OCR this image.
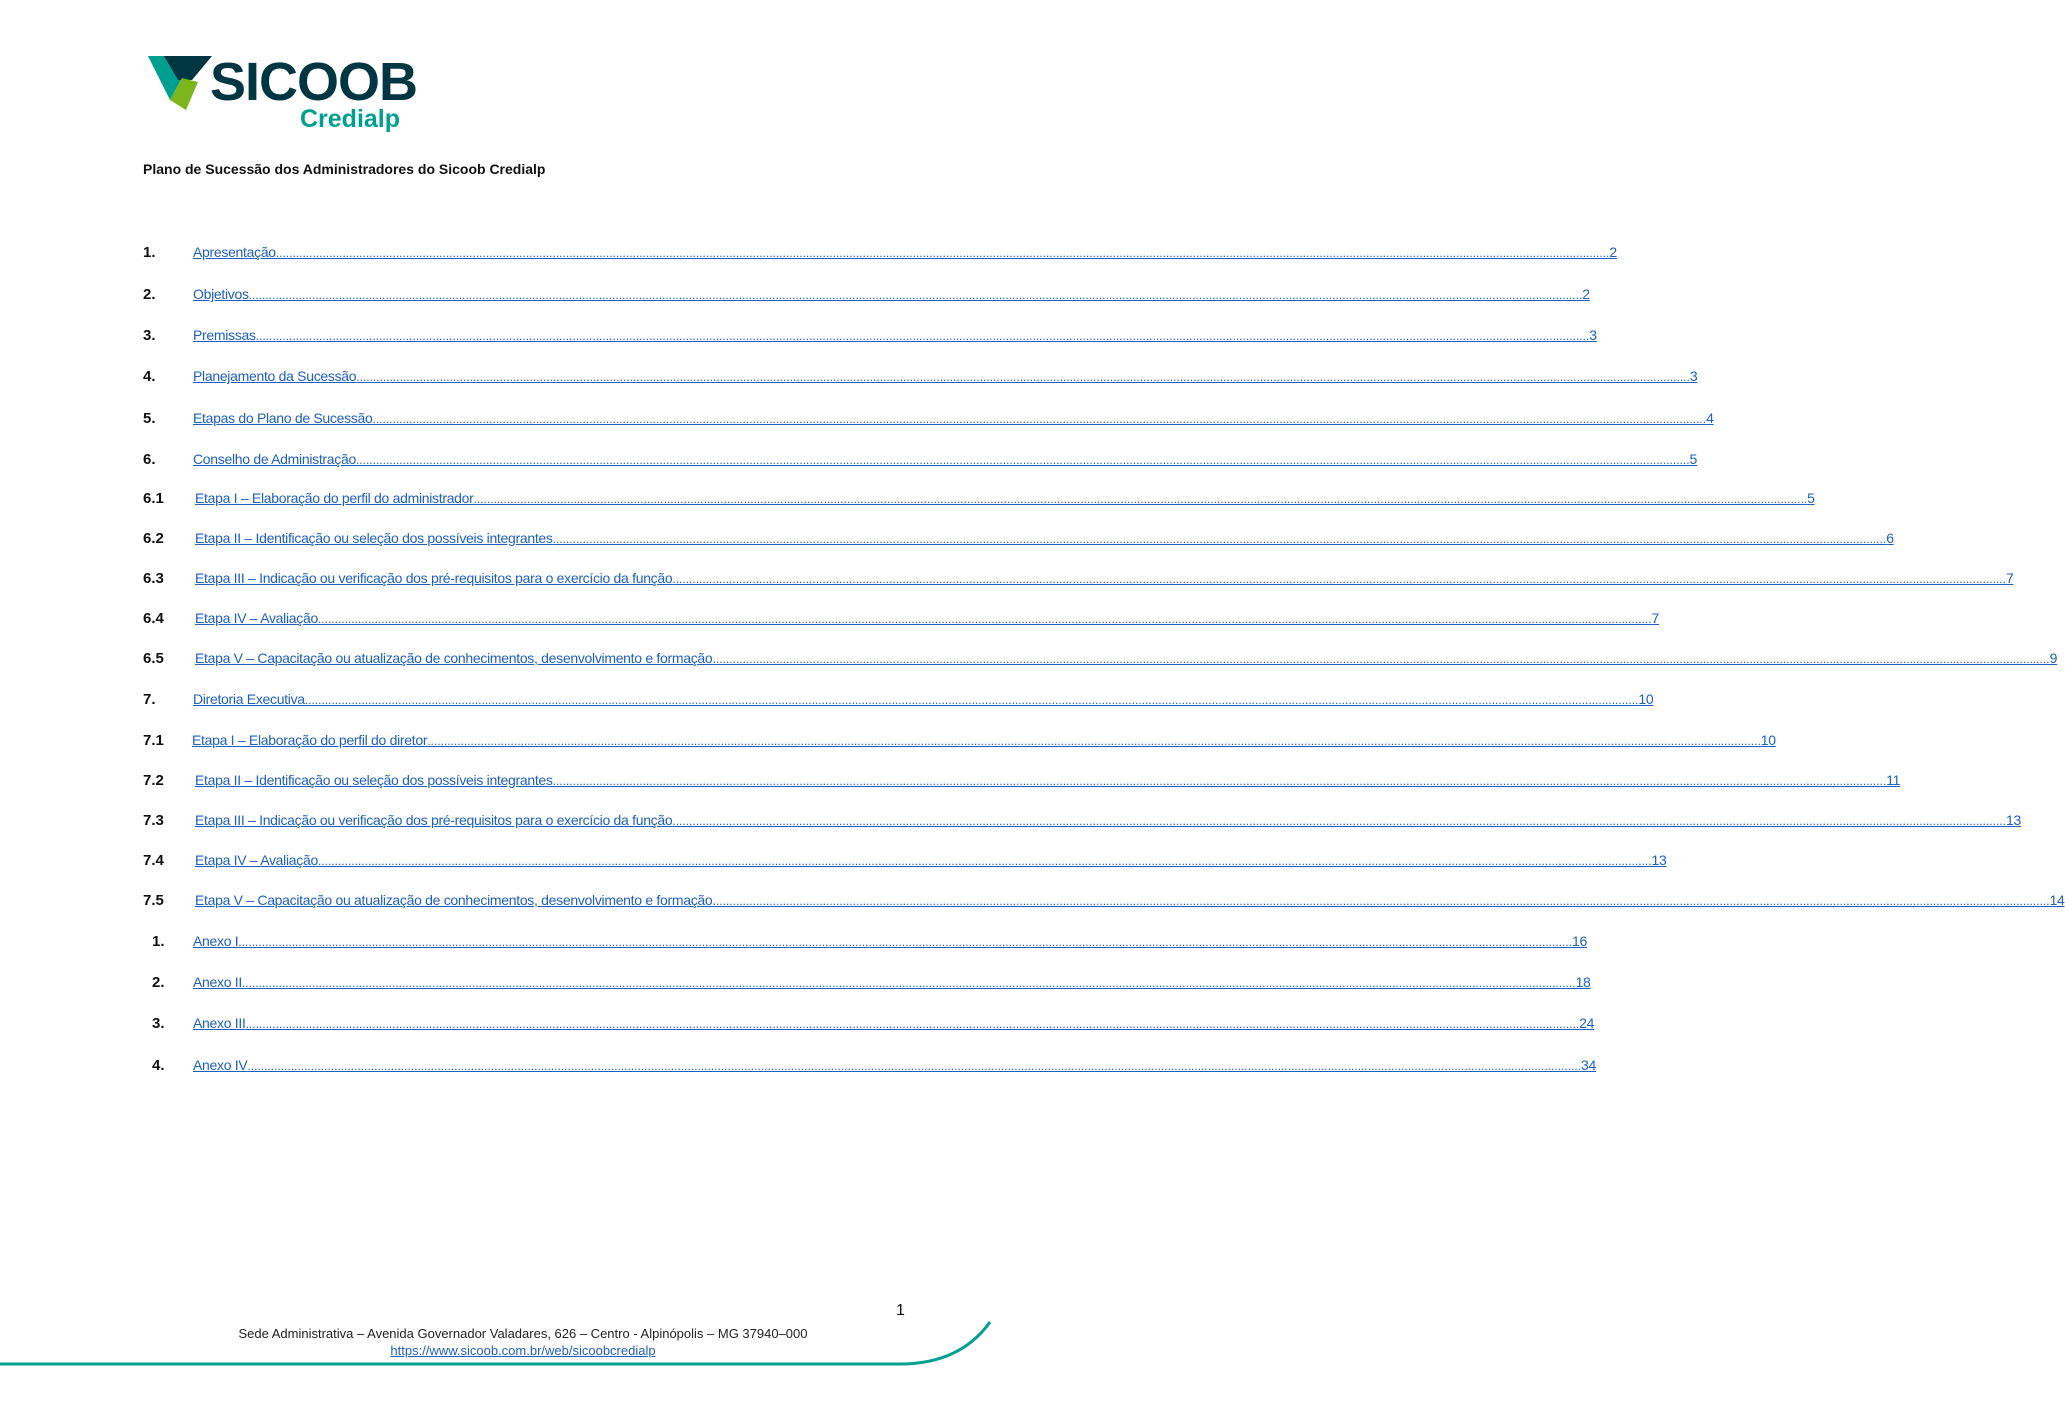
SICOOB
Credialp
Plano de Sucessão dos Administradores do Sicoob Credialp
1.	Apresentação ................................................................................................................................................................................................................................................................................................................................................................................................................ 2
2.	Objetivos ................................................................................................................................................................................................................................................................................................................................................................................................................ 2
3.	Premissas ................................................................................................................................................................................................................................................................................................................................................................................................................ 3
4.	Planejamento da Sucessão ................................................................................................................................................................................................................................................................................................................................................................................................................ 3
5.	Etapas do Plano de Sucessão ................................................................................................................................................................................................................................................................................................................................................................................................................ 4
6.	Conselho de Administração ................................................................................................................................................................................................................................................................................................................................................................................................................ 5
6.1 Etapa I – Elaboração do perfil do administrador ................................................................................................................................................................................................................................................................................................................................................................................................................ 5
6.2 Etapa II – Identificação ou seleção dos possíveis integrantes ................................................................................................................................................................................................................................................................................................................................................................................................................ 6
6.3 Etapa III – Indicação ou verificação dos pré-requisitos para o exercício da função ................................................................................................................................................................................................................................................................................................................................................................................................................ 7
6.4 Etapa IV – Avaliação ................................................................................................................................................................................................................................................................................................................................................................................................................ 7
6.5 Etapa V – Capacitação ou atualização de conhecimentos, desenvolvimento e formação. ................................................................................................................................................................................................................................................................................................................................................................................................................ 9
7.	Diretoria Executiva ................................................................................................................................................................................................................................................................................................................................................................................................................ 10
7.1 Etapa I – Elaboração do perfil do diretor ................................................................................................................................................................................................................................................................................................................................................................................................................ 10
7.2 Etapa II – Identificação ou seleção dos possíveis integrantes ................................................................................................................................................................................................................................................................................................................................................................................................................ 11
7.3 Etapa III – Indicação ou verificação dos pré-requisitos para o exercício da função ................................................................................................................................................................................................................................................................................................................................................................................................................ 13
7.4 Etapa IV – Avaliação ................................................................................................................................................................................................................................................................................................................................................................................................................ 13
7.5 Etapa V – Capacitação ou atualização de conhecimentos, desenvolvimento e formação. ................................................................................................................................................................................................................................................................................................................................................................................................................ 14
1. Anexo I ................................................................................................................................................................................................................................................................................................................................................................................................................ 16
2. Anexo II ................................................................................................................................................................................................................................................................................................................................................................................................................ 18
3. Anexo III ................................................................................................................................................................................................................................................................................................................................................................................................................ 24
4. Anexo IV ................................................................................................................................................................................................................................................................................................................................................................................................................ 34
1
Sede Administrativa – Avenida Governador Valadares, 626 – Centro - Alpinópolis – MG 37940–000
https://www.sicoob.com.br/web/sicoobcredialp
